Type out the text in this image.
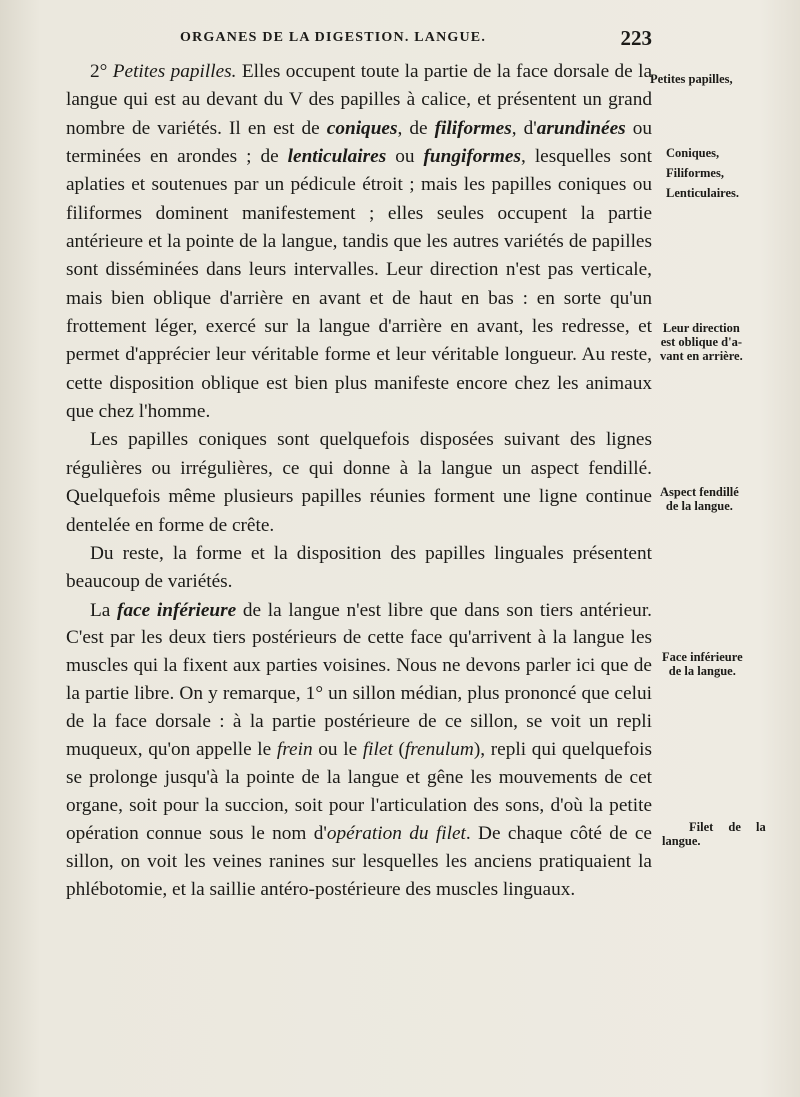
ORGANES DE LA DIGESTION. LANGUE.	223

2° Petites papilles. Elles occupent toute la partie de la face dorsale de la langue qui est au devant du V des papilles à calice, et présentent un grand nombre de variétés. Il en est de coniques, de filiformes, d'arundinées ou terminées en arondes ; de lenticulaires ou fungiformes, lesquelles sont aplaties et soutenues par un pédicule étroit ; mais les papilles coniques ou filiformes dominent manifestement ; elles seules occupent la partie antérieure et la pointe de la langue, tandis que les autres variétés de papilles sont disséminées dans leurs intervalles. Leur direction n'est pas verticale, mais bien oblique d'arrière en avant et de haut en bas : en sorte qu'un frottement léger, exercé sur la langue d'arrière en avant, les redresse, et permet d'apprécier leur véritable forme et leur véritable longueur. Au reste, cette disposition oblique est bien plus manifeste encore chez les animaux que chez l'homme.

Les papilles coniques sont quelquefois disposées suivant des lignes régulières ou irrégulières, ce qui donne à la langue un aspect fendillé. Quelquefois même plusieurs papilles réunies forment une ligne continue dentelée en forme de crête.

Du reste, la forme et la disposition des papilles linguales présentent beaucoup de variétés.

La face inférieure de la langue n'est libre que dans son tiers antérieur. C'est par les deux tiers postérieurs de cette face qu'arrivent à la langue les muscles qui la fixent aux parties voisines. Nous ne devons parler ici que de la partie libre. On y remarque, 1° un sillon médian, plus prononcé que celui de la face dorsale : à la partie postérieure de ce sillon, se voit un repli muqueux, qu'on appelle le frein ou le filet (frenulum), repli qui quelquefois se prolonge jusqu'à la pointe de la langue et gêne les mouvements de cet organe, soit pour la succion, soit pour l'articulation des sons, d'où la petite opération connue sous le nom d'opération du filet. De chaque côté de ce sillon, on voit les veines ranines sur lesquelles les anciens pratiquaient la phlébotomie, et la saillie antéro-postérieure des muscles linguaux.

Petites papilles,
Coniques,
Filiformes,
Lenticulaires.
Leur direction
est oblique d'a-
vant en arrière.
Aspect fendillé
de la langue.
Face inférieure
de la langue.
Filet de la
langue.
